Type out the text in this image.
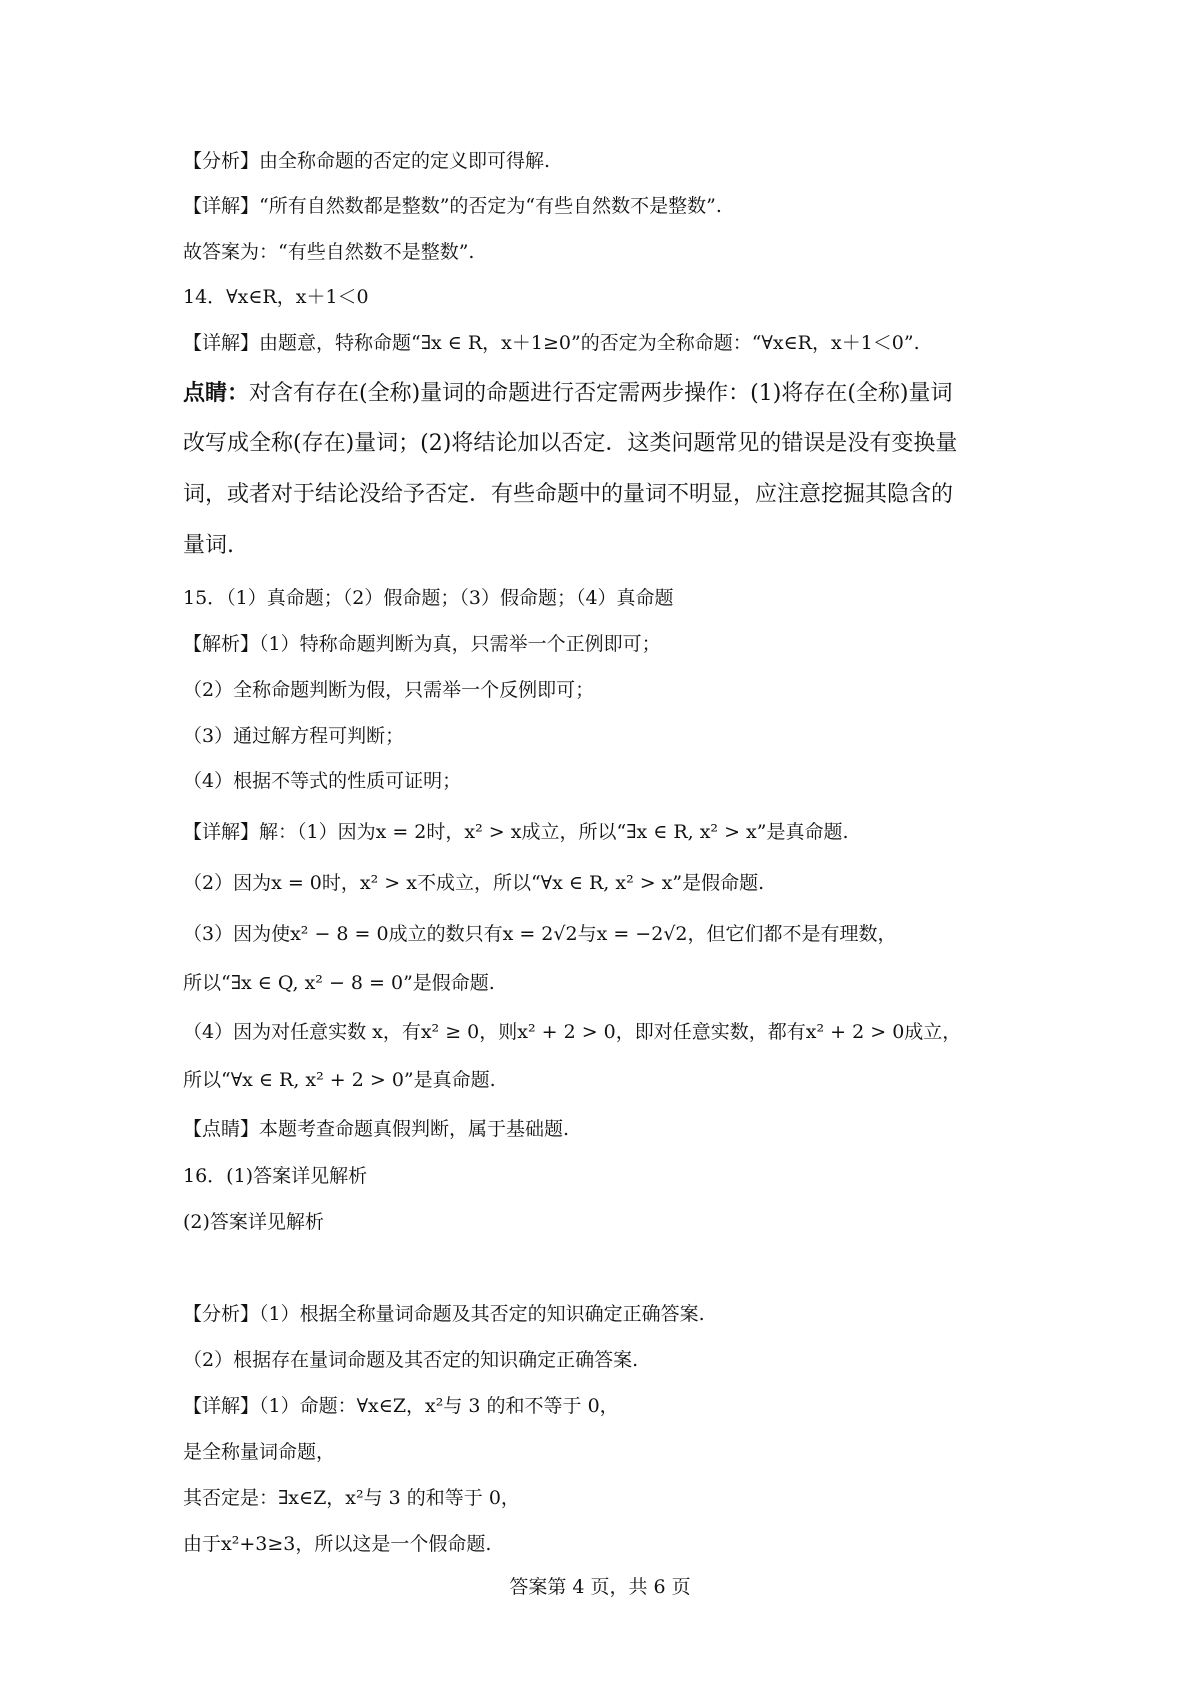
【分析】由全称命题的否定的定义即可得解.
【详解】“所有自然数都是整数”的否定为“有些自然数不是整数”.
故答案为：“有些自然数不是整数”.
14．∀x∈R，x＋1＜0
【详解】由题意，特称命题“∃x ∈ R，x＋1≥0”的否定为全称命题：“∀x∈R，x＋1＜0”.
点睛：对含有存在(全称)量词的命题进行否定需两步操作：(1)将存在(全称)量词
改写成全称(存在)量词；(2)将结论加以否定．这类问题常见的错误是没有变换量
词，或者对于结论没给予否定．有些命题中的量词不明显，应注意挖掘其隐含的
量词.
15．（1）真命题；（2）假命题；（3）假命题；（4）真命题
【解析】（1）特称命题判断为真，只需举一个正例即可；
（2）全称命题判断为假，只需举一个反例即可；
（3）通过解方程可判断；
（4）根据不等式的性质可证明；
【详解】解：（1）因为x = 2时，x² > x成立，所以“∃x ∈ R, x² > x”是真命题.
（2）因为x = 0时，x² > x不成立，所以“∀x ∈ R, x² > x”是假命题.
（3）因为使x² − 8 = 0成立的数只有x = 2√2与x = −2√2，但它们都不是有理数，
所以“∃x ∈ Q, x² − 8 = 0”是假命题.
（4）因为对任意实数 x，有x² ≥ 0，则x² + 2 > 0，即对任意实数，都有x² + 2 > 0成立，
所以“∀x ∈ R, x² + 2 > 0”是真命题.
【点睛】本题考查命题真假判断，属于基础题.
16．(1)答案详见解析
(2)答案详见解析
【分析】（1）根据全称量词命题及其否定的知识确定正确答案.
（2）根据存在量词命题及其否定的知识确定正确答案.
【详解】（1）命题：∀x∈Z，x²与 3 的和不等于 0，
是全称量词命题，
其否定是：∃x∈Z，x²与 3 的和等于 0，
由于x²+3≥3，所以这是一个假命题.
答案第 4 页，共 6 页
